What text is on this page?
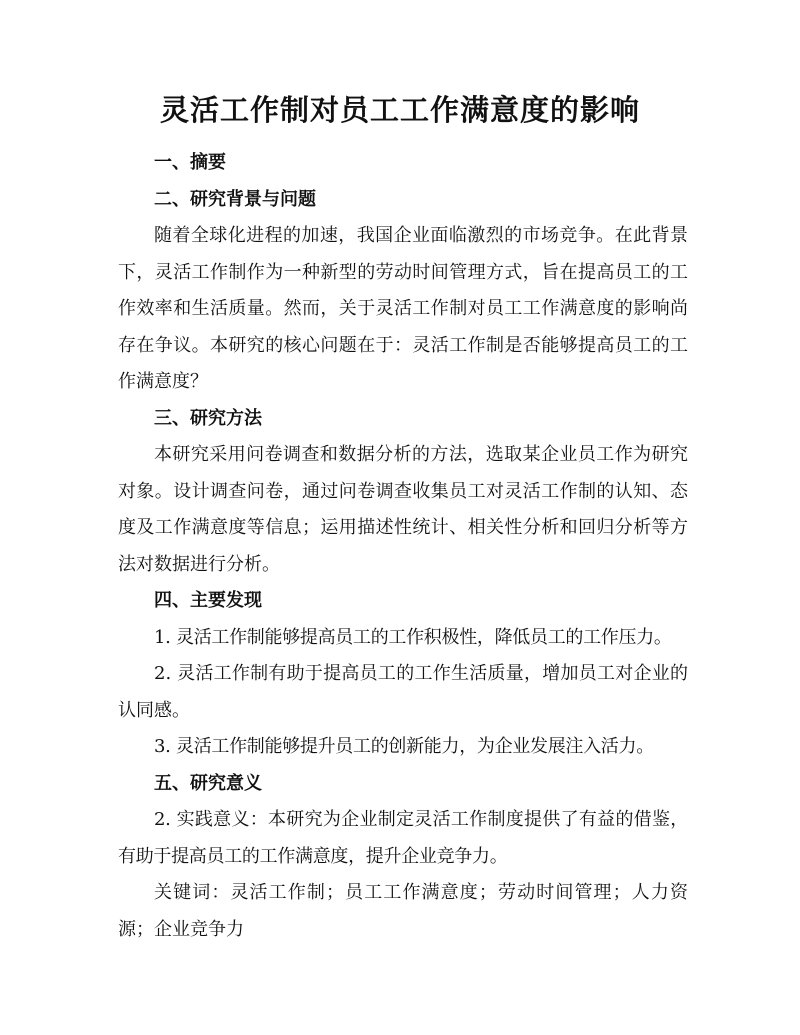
灵活工作制对员工工作满意度的影响

一、摘要

二、研究背景与问题

随着全球化进程的加速，我国企业面临激烈的市场竞争。在此背景下，灵活工作制作为一种新型的劳动时间管理方式，旨在提高员工的工作效率和生活质量。然而，关于灵活工作制对员工工作满意度的影响尚存在争议。本研究的核心问题在于：灵活工作制是否能够提高员工的工作满意度？

三、研究方法

本研究采用问卷调查和数据分析的方法，选取某企业员工作为研究对象。设计调查问卷，通过问卷调查收集员工对灵活工作制的认知、态度及工作满意度等信息；运用描述性统计、相关性分析和回归分析等方法对数据进行分析。

四、主要发现

1. 灵活工作制能够提高员工的工作积极性，降低员工的工作压力。

2. 灵活工作制有助于提高员工的工作生活质量，增加员工对企业的认同感。

3. 灵活工作制能够提升员工的创新能力，为企业发展注入活力。

五、研究意义

2. 实践意义：本研究为企业制定灵活工作制度提供了有益的借鉴，有助于提高员工的工作满意度，提升企业竞争力。

关键词：灵活工作制；员工工作满意度；劳动时间管理；人力资源；企业竞争力
